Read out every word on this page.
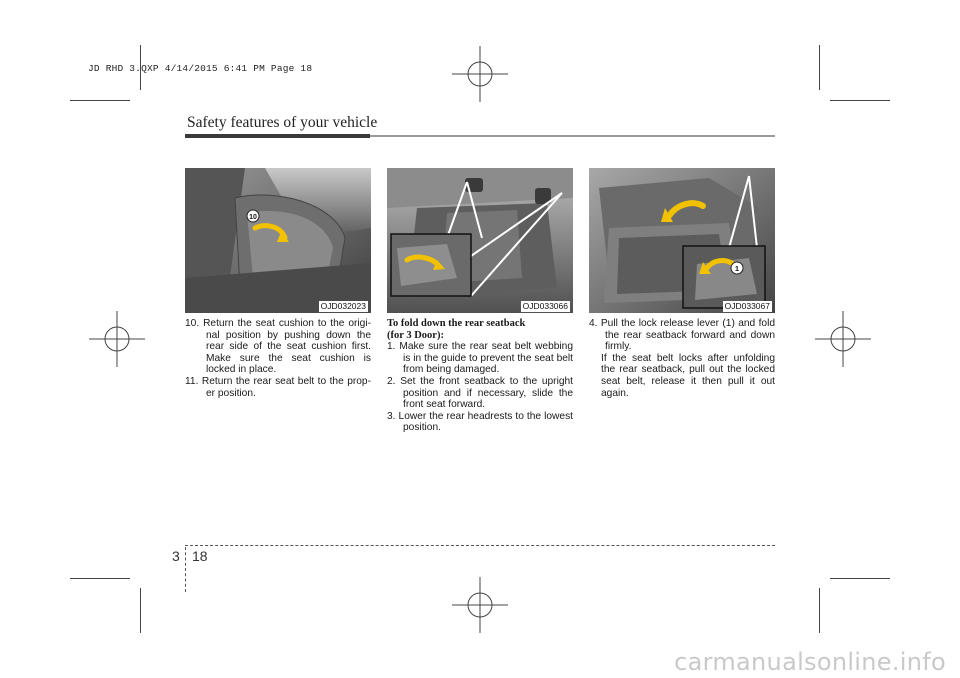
JD RHD 3.QXP 4/14/2015 6:41 PM Page 18
Safety features of your vehicle
10
OJD032023	OJD033066
1
OJD033067

10. Return the seat cushion to the origi-nal position by pushing down the rear side of the seat cushion first. Make sure the seat cushion is locked in place.

11. Return the rear seat belt to the prop-er position.

To fold down the rear seatback

(for 3 Door):

1. Make sure the rear seat belt webbing is in the guide to prevent the seat belt from being damaged.

2. Set the front seatback to the upright position and if necessary, slide the front seat forward.

3. Lower the rear headrests to the lowest position.

4. Pull the lock release lever (1) and fold the rear seatback forward and down firmly.

If the seat belt locks after unfolding the rear seatback, pull out the locked seat belt, release it then pull it out again.

3 18
carmanualsonline.info
